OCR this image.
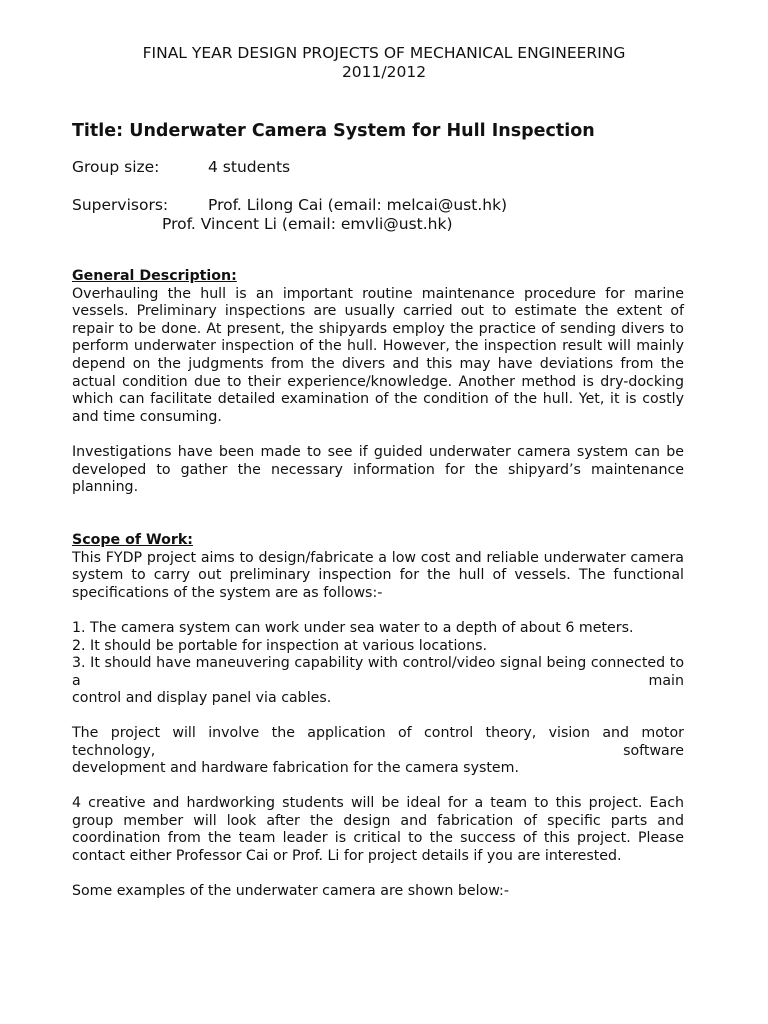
FINAL YEAR DESIGN PROJECTS OF MECHANICAL ENGINEERING
2011/2012
Title: Underwater Camera System for Hull Inspection
Group size:	4 students
Supervisors:	Prof. Lilong Cai (email: melcai@ust.hk)
Prof. Vincent Li (email: emvli@ust.hk)
General Description:
Overhauling the hull is an important routine maintenance procedure for marine vessels. Preliminary inspections are usually carried out to estimate the extent of repair to be done. At present, the shipyards employ the practice of sending divers to perform underwater inspection of the hull. However, the inspection result will mainly depend on the judgments from the divers and this may have deviations from the actual condition due to their experience/knowledge. Another method is dry-docking which can facilitate detailed examination of the condition of the hull. Yet, it is costly and time consuming.
Investigations have been made to see if guided underwater camera system can be developed to gather the necessary information for the shipyard’s maintenance planning.
Scope of Work:
This FYDP project aims to design/fabricate a low cost and reliable underwater camera system to carry out preliminary inspection for the hull of vessels. The functional specifications of the system are as follows:-
1. The camera system can work under sea water to a depth of about 6 meters.
2. It should be portable for inspection at various locations.
3. It should have maneuvering capability with control/video signal being connected to a main
control and display panel via cables.
The project will involve the application of control theory, vision and motor technology, software
development and hardware fabrication for the camera system.
4 creative and hardworking students will be ideal for a team to this project. Each group member will look after the design and fabrication of specific parts and coordination from the team leader is critical to the success of this project. Please contact either Professor Cai or Prof. Li for project details if you are interested.
Some examples of the underwater camera are shown below:-
